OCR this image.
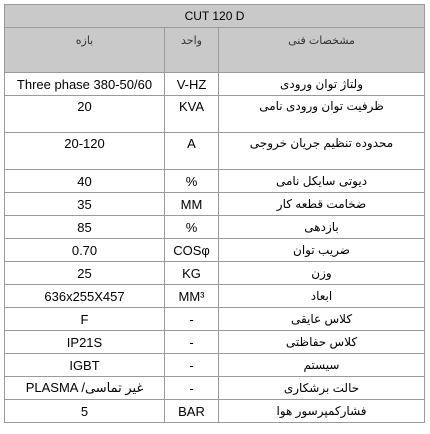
CUT 120 D		
بازه	واحد	مشخصات فنی
Three phase 380-50/60	V-HZ	ولتاژ توان ورودی
20	KVA	ظرفیت توان ورودی نامی
20-120	A	محدوده تنظیم جریان خروجی
40	%	دیوتی سایکل نامی
35	MM	ضخامت قطعه کار
85	%	بازدهی
0.70	COSφ	ضریب توان
25	KG	وزن
636x255X457	MM³	ابعاد
F	-	کلاس عایقی
IP21S	-	کلاس حفاظتی
IGBT	-	سیستم
PLASMA /غیر تماسی	-	حالت برشکاری
5	BAR	فشارکمپرسور هوا
